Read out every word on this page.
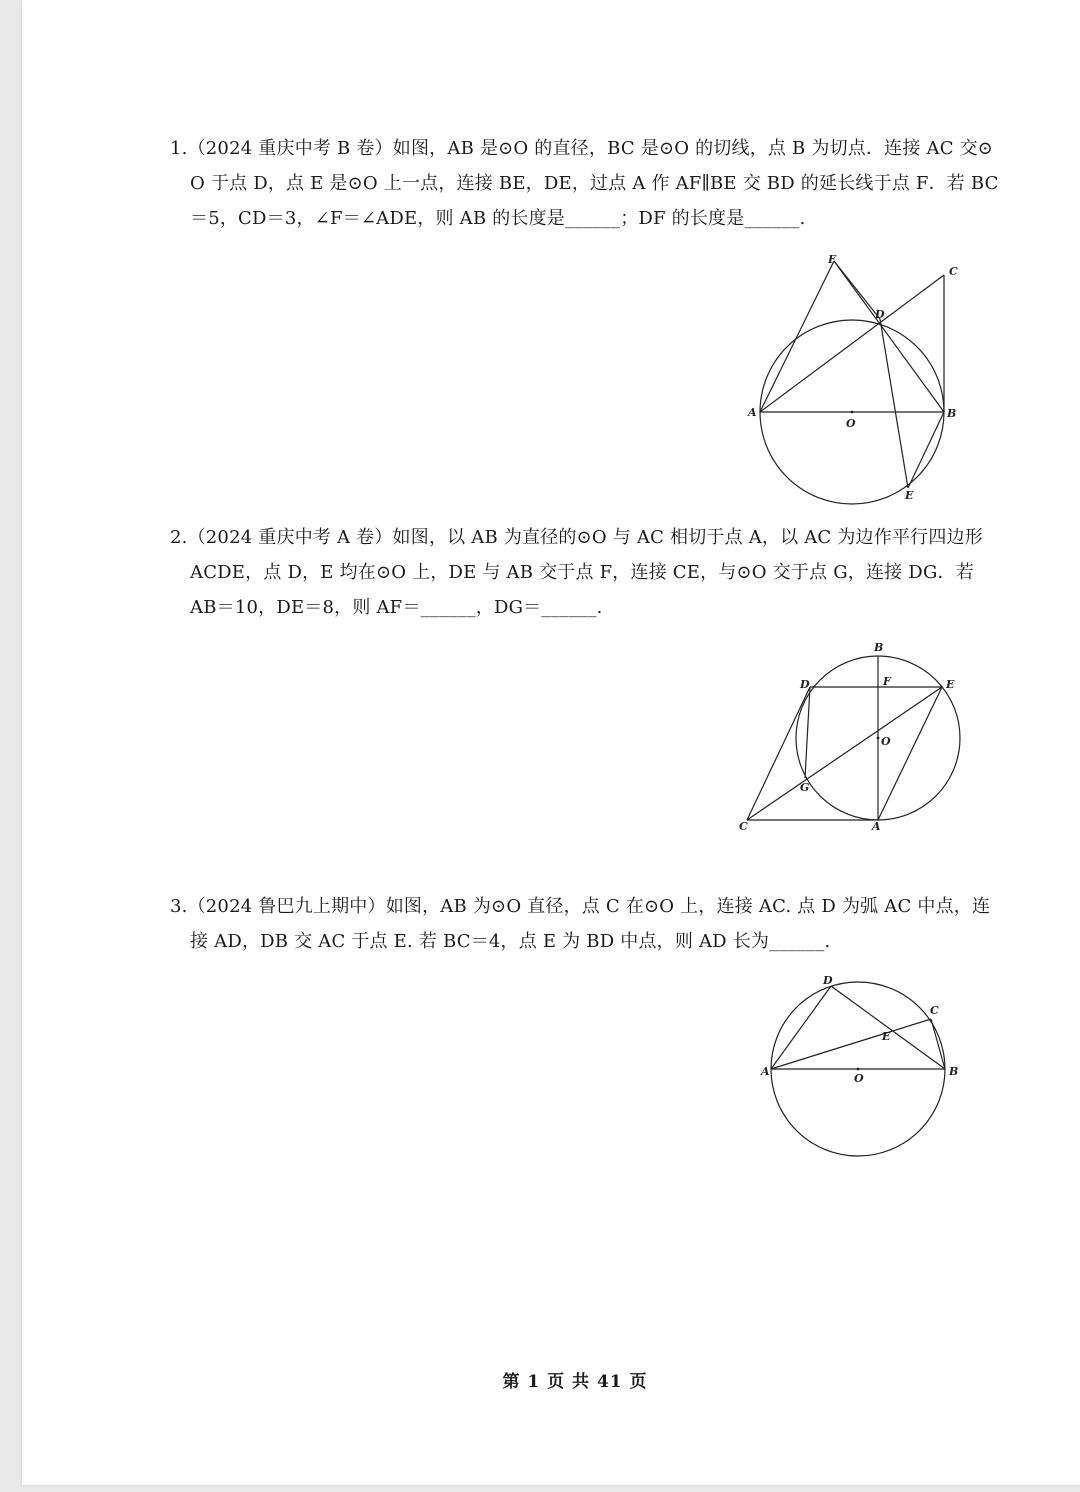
1.（2024 重庆中考 B 卷）如图，AB 是⊙O 的直径，BC 是⊙O 的切线，点 B 为切点．连接 AC 交⊙
O 于点 D，点 E 是⊙O 上一点，连接 BE，DE，过点 A 作 AF∥BE 交 BD 的延长线于点 F．若 BC
＝5，CD＝3，∠F＝∠ADE，则 AB 的长度是______；DF 的长度是______.
F
C
D
A
O
B
E
2.（2024 重庆中考 A 卷）如图，以 AB 为直径的⊙O 与 AC 相切于点 A，以 AC 为边作平行四边形
ACDE，点 D，E 均在⊙O 上，DE 与 AB 交于点 F，连接 CE，与⊙O 交于点 G，连接 DG．若
AB＝10，DE＝8，则 AF＝______，DG＝______.
B
D	F	E
O
G
C	A
3.（2024 鲁巴九上期中）如图，AB 为⊙O 直径，点 C 在⊙O 上，连接 AC. 点 D 为弧 AC 中点，连
接 AD，DB 交 AC 于点 E. 若 BC＝4，点 E 为 BD 中点，则 AD 长为______.
D
C
E
A
O
B
第 1 页 共 41 页
